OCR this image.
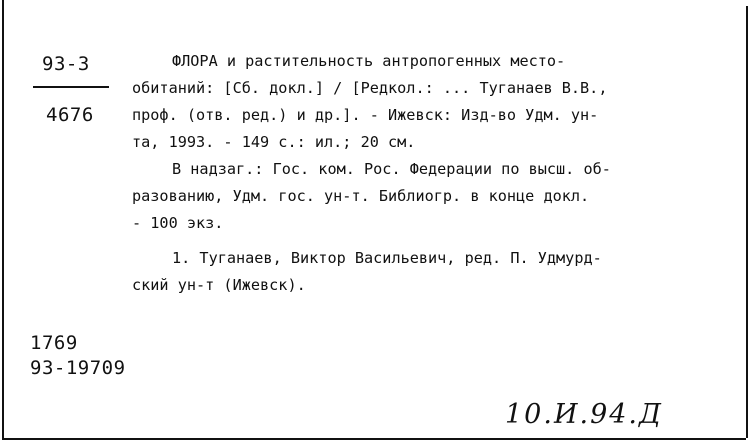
93-3
4676
ФЛОРА и растительность антропогенных место-
обитаний: [Сб. докл.] / [Редкол.: ... Туганаев В.В.,
проф. (отв. ред.) и др.]. - Ижевск: Изд-во Удм. ун-
та, 1993. - 149 с.: ил.; 20 см.
В надзаг.: Гос. ком. Рос. Федерации по высш. об-
разованию, Удм. гос. ун-т. Библиогр. в конце докл.
- 100 экз.
1. Туганаев, Виктор Васильевич, ред. П. Удмурд-
ский ун-т (Ижевск).
1769
93-19709
10.И.94.Д
